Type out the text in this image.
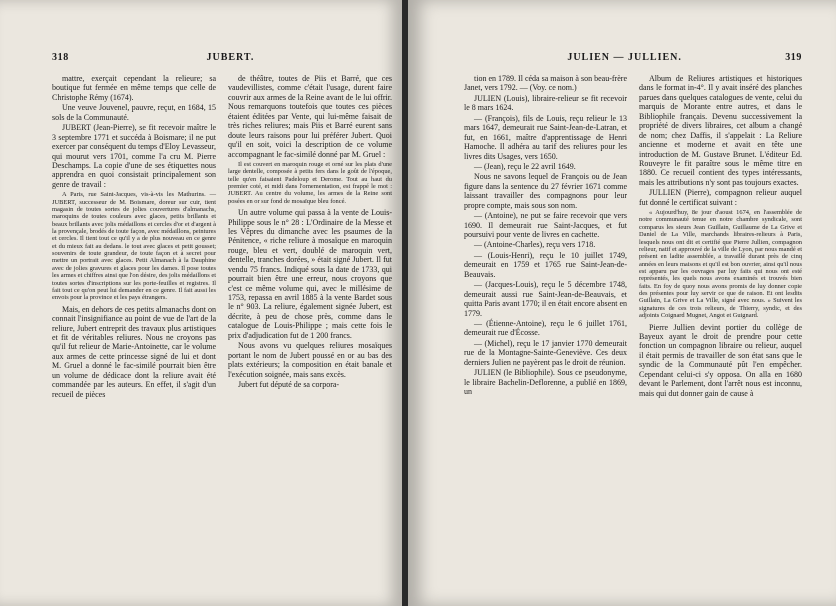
318	JUBERT.

mattre, exerçait cependant la relieure; sa boutique fut fermée en même temps que celle de Christophe Rémy (1674).

Une veuve Jouvenel, pauvre, reçut, en 1684, 15 sols de la Communauté.

JUBERT (Jean-Pierre), se fit recevoir maître le 3 septembre 1771 et succéda à Boismare; il ne put exercer par conséquent du temps d'Eloy Levasseur, qui mourut vers 1701, comme l'a cru M. Pierre Deschamps. La copie d'une de ses étiquettes nous apprendra en quoi consistait principalement son genre de travail :

A Paris, rue Saint-Jacques, vis-à-vis les Mathurins. — JUBERT, successeur de M. Boismare, doreur sur cuir, tient magasin de toutes sortes de jolies couvertures d'almanachs, maroquins de toutes couleurs avec glaces, petits brillants et beaux brillants avec jolis médaillons et cercles d'or et d'argent à la provençale, brodés de toute façon, avec médaillons, peintures et cercles. Il tient tout ce qu'il y a de plus nouveau en ce genre et du mieux fait au dedans. le tout avec glaces et petit gousset; souvenirs de toute grandeur, de toute façon et à secret pour mettre un portrait avec glaces. Petit Almanach à la Dauphine avec de jolies gravures et glaces pour les dames. Il pose toutes les armes et chiffres ainsi que l'on désire, des jolis médaillons et toutes sortes d'inscriptions sur les porte-feuilles et registres. Il fait tout ce qu'on peut lui demander en ce genre. Il fait aussi les envois pour la province et les pays étrangers.

Mais, en dehors de ces petits almanachs dont on connait l'insignifiance au point de vue de l'art de la reliure, Jubert entreprit des travaux plus artistiques et fit de véritables reliures. Nous ne croyons pas qu'il fut relieur de Marie-Antoinette, car le volume aux armes de cette princesse signé de lui et dont M. Gruel a donné le fac-similé pourrait bien être un volume de dédicace dont la reliure avait été commandée par les auteurs. En effet, il s'agit d'un recueil de pièces

de théâtre, toutes de Piis et Barré, que ces vaudevillistes, comme c'était l'usage, durent faire couvrir aux armes de la Reine avant de le lui offrir. Nous remarquons toutefois que toutes ces pièces étaient éditées par Vente, qui lui-même faisait de très riches reliures; mais Piis et Barré eurent sans doute leurs raisons pour lui préférer Jubert. Quoi qu'il en soit, voici la description de ce volume accompagnant le fac-similé donné par M. Gruel :

Il est couvert en maroquin rouge et orné sur les plats d'une large dentelle, composée à petits fers dans le goût de l'époque, telle qu'en faisaient Padeloup et Derome. Tout au haut du premier coté, et midi dans l'ornementation, est frappé le mot : JUBERT. Au centre du volume, les armes de la Reine sont posées en or sur fond de mosaïque bleu foncé.

Un autre volume qui passa à la vente de Louis-Philippe sous le n° 28 : L'Ordinaire de la Messe et les Vêpres du dimanche avec les psaumes de la Pénitence, « riche reliure à mosaïque en maroquin rouge, bleu et vert, doublé de maroquin vert, dentelle, tranches dorées, » était signé Jubert. Il fut vendu 75 francs. Indiqué sous la date de 1733, qui pourrait bien être une erreur, nous croyons que c'est ce même volume qui, avec le millésime de 1753, repassa en avril 1885 à la vente Bardet sous le n° 903. La reliure, également signée Jubert, est décrite, à peu de chose près, comme dans le catalogue de Louis-Philippe ; mais cette fois le prix d'adjudication fut de 1 200 francs.

Nous avons vu quelques reliures mosaïques portant le nom de Jubert poussé en or au bas des plats extérieurs; la composition en était banale et l'exécution soignée, mais sans excès.

Jubert fut député de sa corpora-

JULIEN — JULLIEN.	319

tion en 1789. Il céda sa maison à son beau-frère Janet, vers 1792. — (Voy. ce nom.)

JULIEN (Louis), libraire-relieur se fit recevoir le 8 mars 1624.

— (François), fils de Louis, reçu relieur le 13 mars 1647, demeurait rue Saint-Jean-de-Latran, et fut, en 1661, maître d'apprentissage de Henri Hamoche. Il adhéra au tarif des reliures pour les livres dits Usages, vers 1650.

— (Jean), reçu le 22 avril 1649.

Nous ne savons lequel de François ou de Jean figure dans la sentence du 27 février 1671 comme laissant travailler des compagnons pour leur propre compte, mais sous son nom.

— (Antoine), ne put se faire recevoir que vers 1690. Il demeurait rue Saint-Jacques, et fut poursuivi pour vente de livres en cachette.

— (Antoine-Charles), reçu vers 1718.

— (Louis-Henri), reçu le 10 juillet 1749, demeurait en 1759 et 1765 rue Saint-Jean-de-Beauvais.

— (Jacques-Louis), reçu le 5 décembre 1748, demeurait aussi rue Saint-Jean-de-Beauvais, et quitta Paris avant 1770; il en était encore absent en 1779.

— (Étienne-Antoine), reçu le 6 juillet 1761, demeurait rue d'Écosse.

— (Michel), reçu le 17 janvier 1770 demeurait rue de la Montagne-Sainte-Geneviève. Ces deux derniers Julien ne payèrent pas le droit de réunion.

JULIEN (le Bibliophile). Sous ce pseudonyme, le libraire Bachelin-Deflorenne, a publié en 1869, un

Album de Reliures artistiques et historiques dans le format in-4°. Il y avait inséré des planches parues dans quelques catalogues de vente, celui du marquis de Morante entre autres, et dans le Bibliophile français. Devenu successivement la propriété de divers libraires, cet album a changé de nom; chez Daffis, il s'appelait : La Reliure ancienne et moderne et avait en tête une introduction de M. Gustave Brunet. L'éditeur Ed. Rouveyre le fit paraître sous le même titre en 1880. Ce recueil contient des types intéressants, mais les attributions n'y sont pas toujours exactes.

JULLIEN (Pierre), compagnon relieur auquel fut donné le certificat suivant :

« Aujourd'huy, 8e jour d'aoust 1674, en l'assemblée de notre communauté tenue en notre chambre syndicale, sont comparus les sieurs Jean Guillain, Guillaume de La Grive et Daniel de La Ville, marchands libraires-relieurs à Paris, lesquels nous ont dit et certifié que Pierre Jullien, compagnon relieur, natif et approuvé de la ville de Lyon, par nous mandé et présent en ladite assemblée, a travaillé durant près de cinq années en leurs maisons et qu'il est bon ouvrier, ainsi qu'il nous est apparu par les ouvrages par luy faits qui nous ont esté représentés, les quels nous avons examinés et trouvés bien faits. En foy de quoy nous avons promis de luy donner copie des présentes pour luy servir ce que de raison. Et ont lesdits Guillain, La Grive et La Ville, signé avec nous. » Suivent les signatures de ces trois relieurs, de Thierry, syndic, et des adjoints Coignard Mugnet, Angot et Guignard.

Pierre Jullien devint portier du collège de Bayeux ayant le droit de prendre pour cette fonction un compagnon libraire ou relieur, auquel il était permis de travailler de son état sans que le syndic de la Communauté pût l'en empêcher. Cependant celui-ci s'y opposa. On alla en 1680 devant le Parlement, dont l'arrêt nous est inconnu, mais qui dut donner gain de cause à
